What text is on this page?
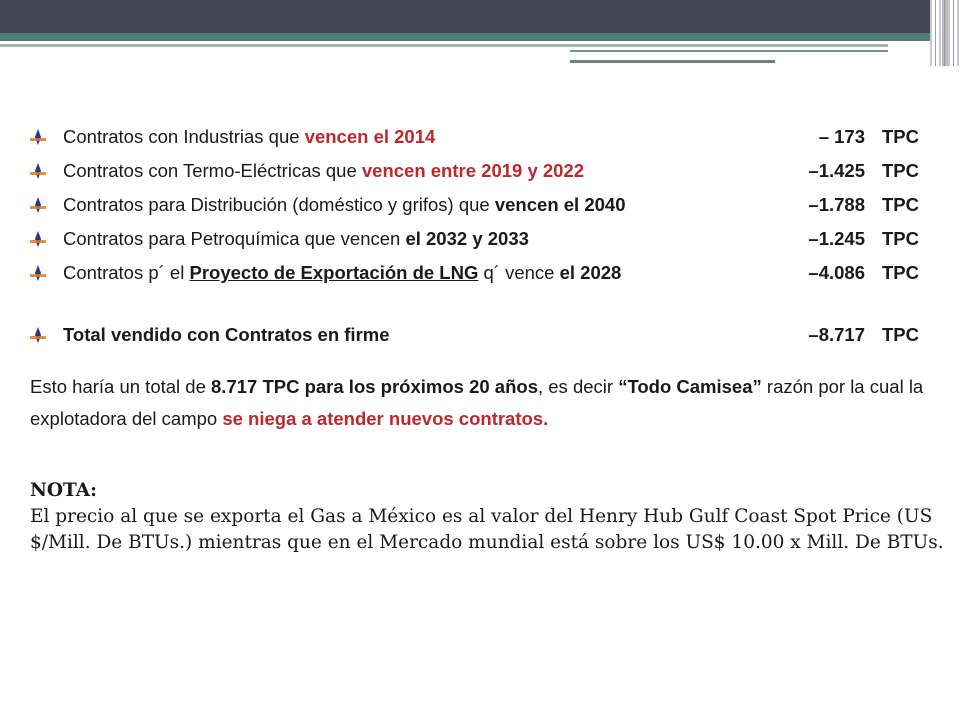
Contratos con Industrias que vencen el 2014	– 173 TPC
Contratos con Termo-Eléctricas que vencen entre 2019 y 2022	–1.425 TPC
Contratos para Distribución (doméstico y grifos) que vencen el 2040	–1.788 TPC
Contratos para Petroquímica que vencen el 2032 y 2033	–1.245 TPC
Contratos p´ el Proyecto de Exportación de LNG q´ vence el 2028	–4.086 TPC
Total vendido con Contratos en firme	–8.717 TPC
Esto haría un total de 8.717 TPC para los próximos 20 años, es decir “Todo Camisea” razón por la cual la explotadora del campo se niega a atender nuevos contratos.
NOTA:
El precio al que se exporta el Gas a México es al valor del Henry Hub Gulf Coast Spot Price (US $/Mill. De BTUs.) mientras que en el Mercado mundial está sobre los US$ 10.00 x Mill. De BTUs.
